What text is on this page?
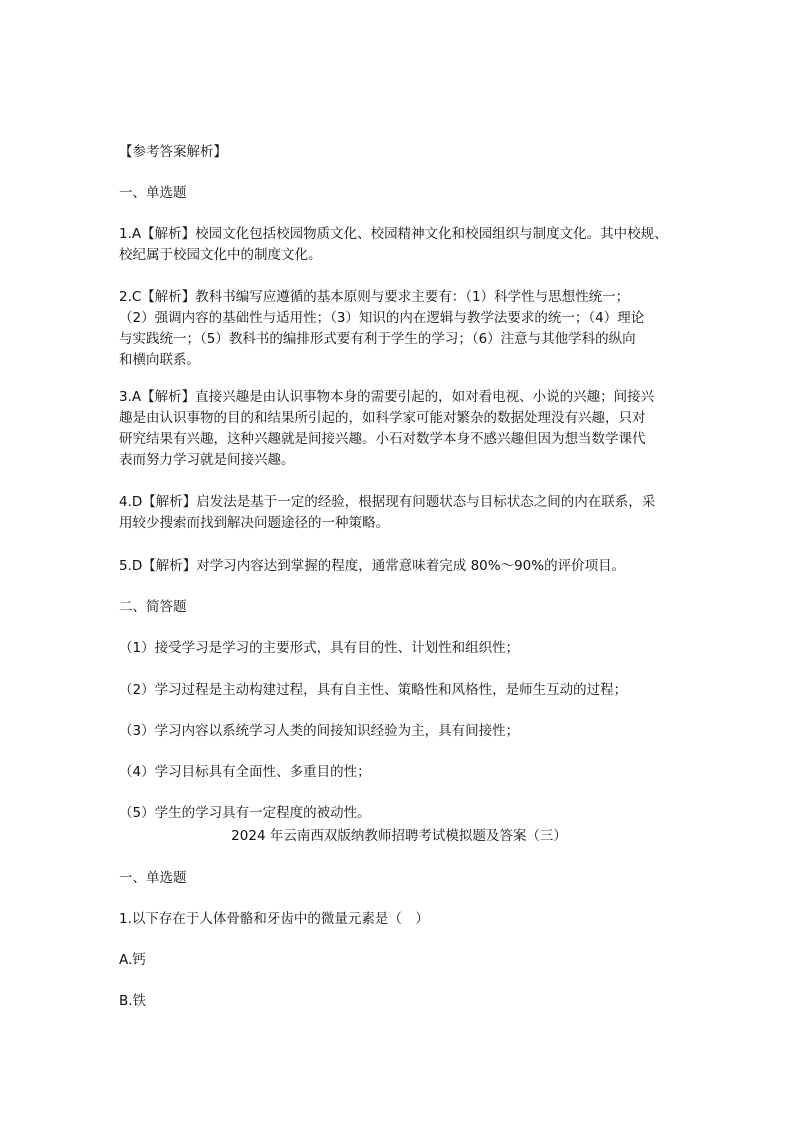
【参考答案解析】
一、单选题
1.A【解析】校园文化包括校园物质文化、校园精神文化和校园组织与制度文化。其中校规、
校纪属于校园文化中的制度文化。
2.C【解析】教科书编写应遵循的基本原则与要求主要有：（1）科学性与思想性统一；
（2）强调内容的基础性与适用性；（3）知识的内在逻辑与教学法要求的统一；（4）理论
与实践统一；（5）教科书的编排形式要有利于学生的学习；（6）注意与其他学科的纵向
和横向联系。
3.A【解析】直接兴趣是由认识事物本身的需要引起的，如对看电视、小说的兴趣；间接兴
趣是由认识事物的目的和结果所引起的，如科学家可能对繁杂的数据处理没有兴趣，只对
研究结果有兴趣，这种兴趣就是间接兴趣。小石对数学本身不感兴趣但因为想当数学课代
表而努力学习就是间接兴趣。
4.D【解析】启发法是基于一定的经验，根据现有问题状态与目标状态之间的内在联系，采
用较少搜索而找到解决问题途径的一种策略。
5.D【解析】对学习内容达到掌握的程度，通常意味着完成 80%～90%的评价项目。
二、简答题
（1）接受学习是学习的主要形式，具有目的性、计划性和组织性；
（2）学习过程是主动构建过程，具有自主性、策略性和风格性，是师生互动的过程；
（3）学习内容以系统学习人类的间接知识经验为主，具有间接性；
（4）学习目标具有全面性、多重目的性；
（5）学生的学习具有一定程度的被动性。
2024 年云南西双版纳教师招聘考试模拟题及答案（三）
一、单选题
1.以下存在于人体骨骼和牙齿中的微量元素是（　）
A.钙
B.铁
